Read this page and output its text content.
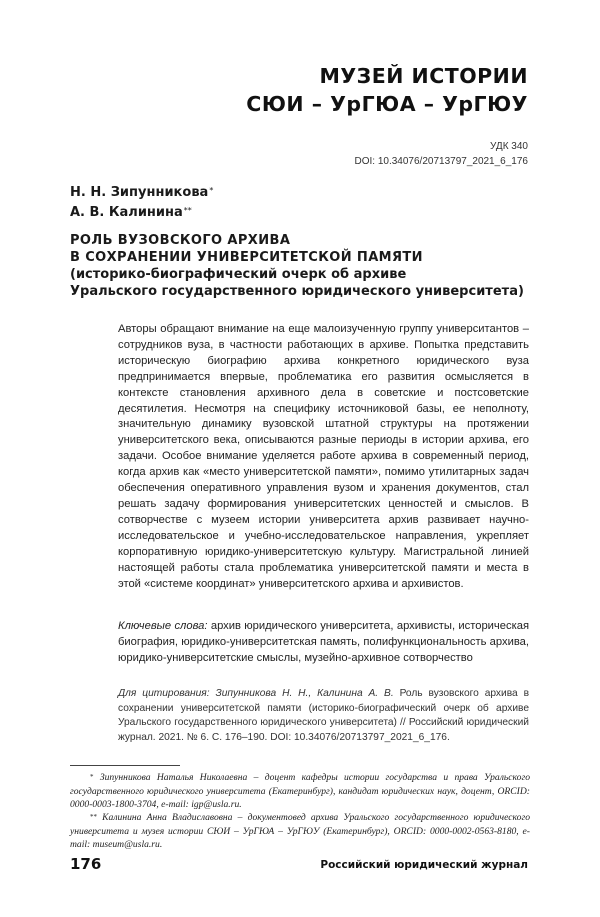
МУЗЕЙ ИСТОРИИ
СЮИ – УрГЮА – УрГЮУ
УДК 340
DOI: 10.34076/20713797_2021_6_176
Н. Н. Зипунникова*
А. В. Калинина**
РОЛЬ ВУЗОВСКОГО АРХИВА
В СОХРАНЕНИИ УНИВЕРСИТЕТСКОЙ ПАМЯТИ
(историко-биографический очерк об архиве
Уральского государственного юридического университета)

Авторы обращают внимание на еще малоизученную группу университантов – сотрудников вуза, в частности работающих в архиве. Попытка представить историческую биографию архива конкретного юридического вуза предпринимается впервые, проблематика его развития осмысляется в контексте становления архивного дела в советские и постсоветские десятилетия. Несмотря на специфику источниковой базы, ее неполноту, значительную динамику вузовской штатной структуры на протяжении университетского века, описываются разные периоды в истории архива, его задачи. Особое внимание уделяется работе архива в современный период, когда архив как «место университетской памяти», помимо утилитарных задач обеспечения оперативного управления вузом и хранения документов, стал решать задачу формирования университетских ценностей и смыслов. В сотворчестве с музеем истории университета архив развивает научно-исследовательское и учебно-исследовательское направления, укрепляет корпоративную юридико-университетскую культуру. Магистральной линией настоящей работы стала проблематика университетской памяти и места в этой «системе координат» университетского архива и архивистов.

Ключевые слова: архив юридического университета, архивисты, историческая биография, юридико-университетская память, полифункциональность архива, юридико-университетские смыслы, музейно-архивное сотворчество

Для цитирования: Зипунникова Н. Н., Калинина А. В. Роль вузовского архива в сохранении университетской памяти (историко-биографический очерк об архиве Уральского государственного юридического университета) // Российский юридический журнал. 2021. № 6. С. 176–190. DOI: 10.34076/20713797_2021_6_176.

* Зипунникова Наталья Николаевна – доцент кафедры истории государства и права Уральского государственного юридического университета (Екатеринбург), кандидат юридических наук, доцент, ORCID: 0000-0003-1800-3704, e-mail: igp@usla.ru.

** Калинина Анна Владиславовна – документовед архива Уральского государственного юридического университета и музея истории СЮИ – УрГЮА – УрГЮУ (Екатеринбург), ORCID: 0000-0002-0563-8180, e-mail: museum@usla.ru.

176	Российский юридический журнал
